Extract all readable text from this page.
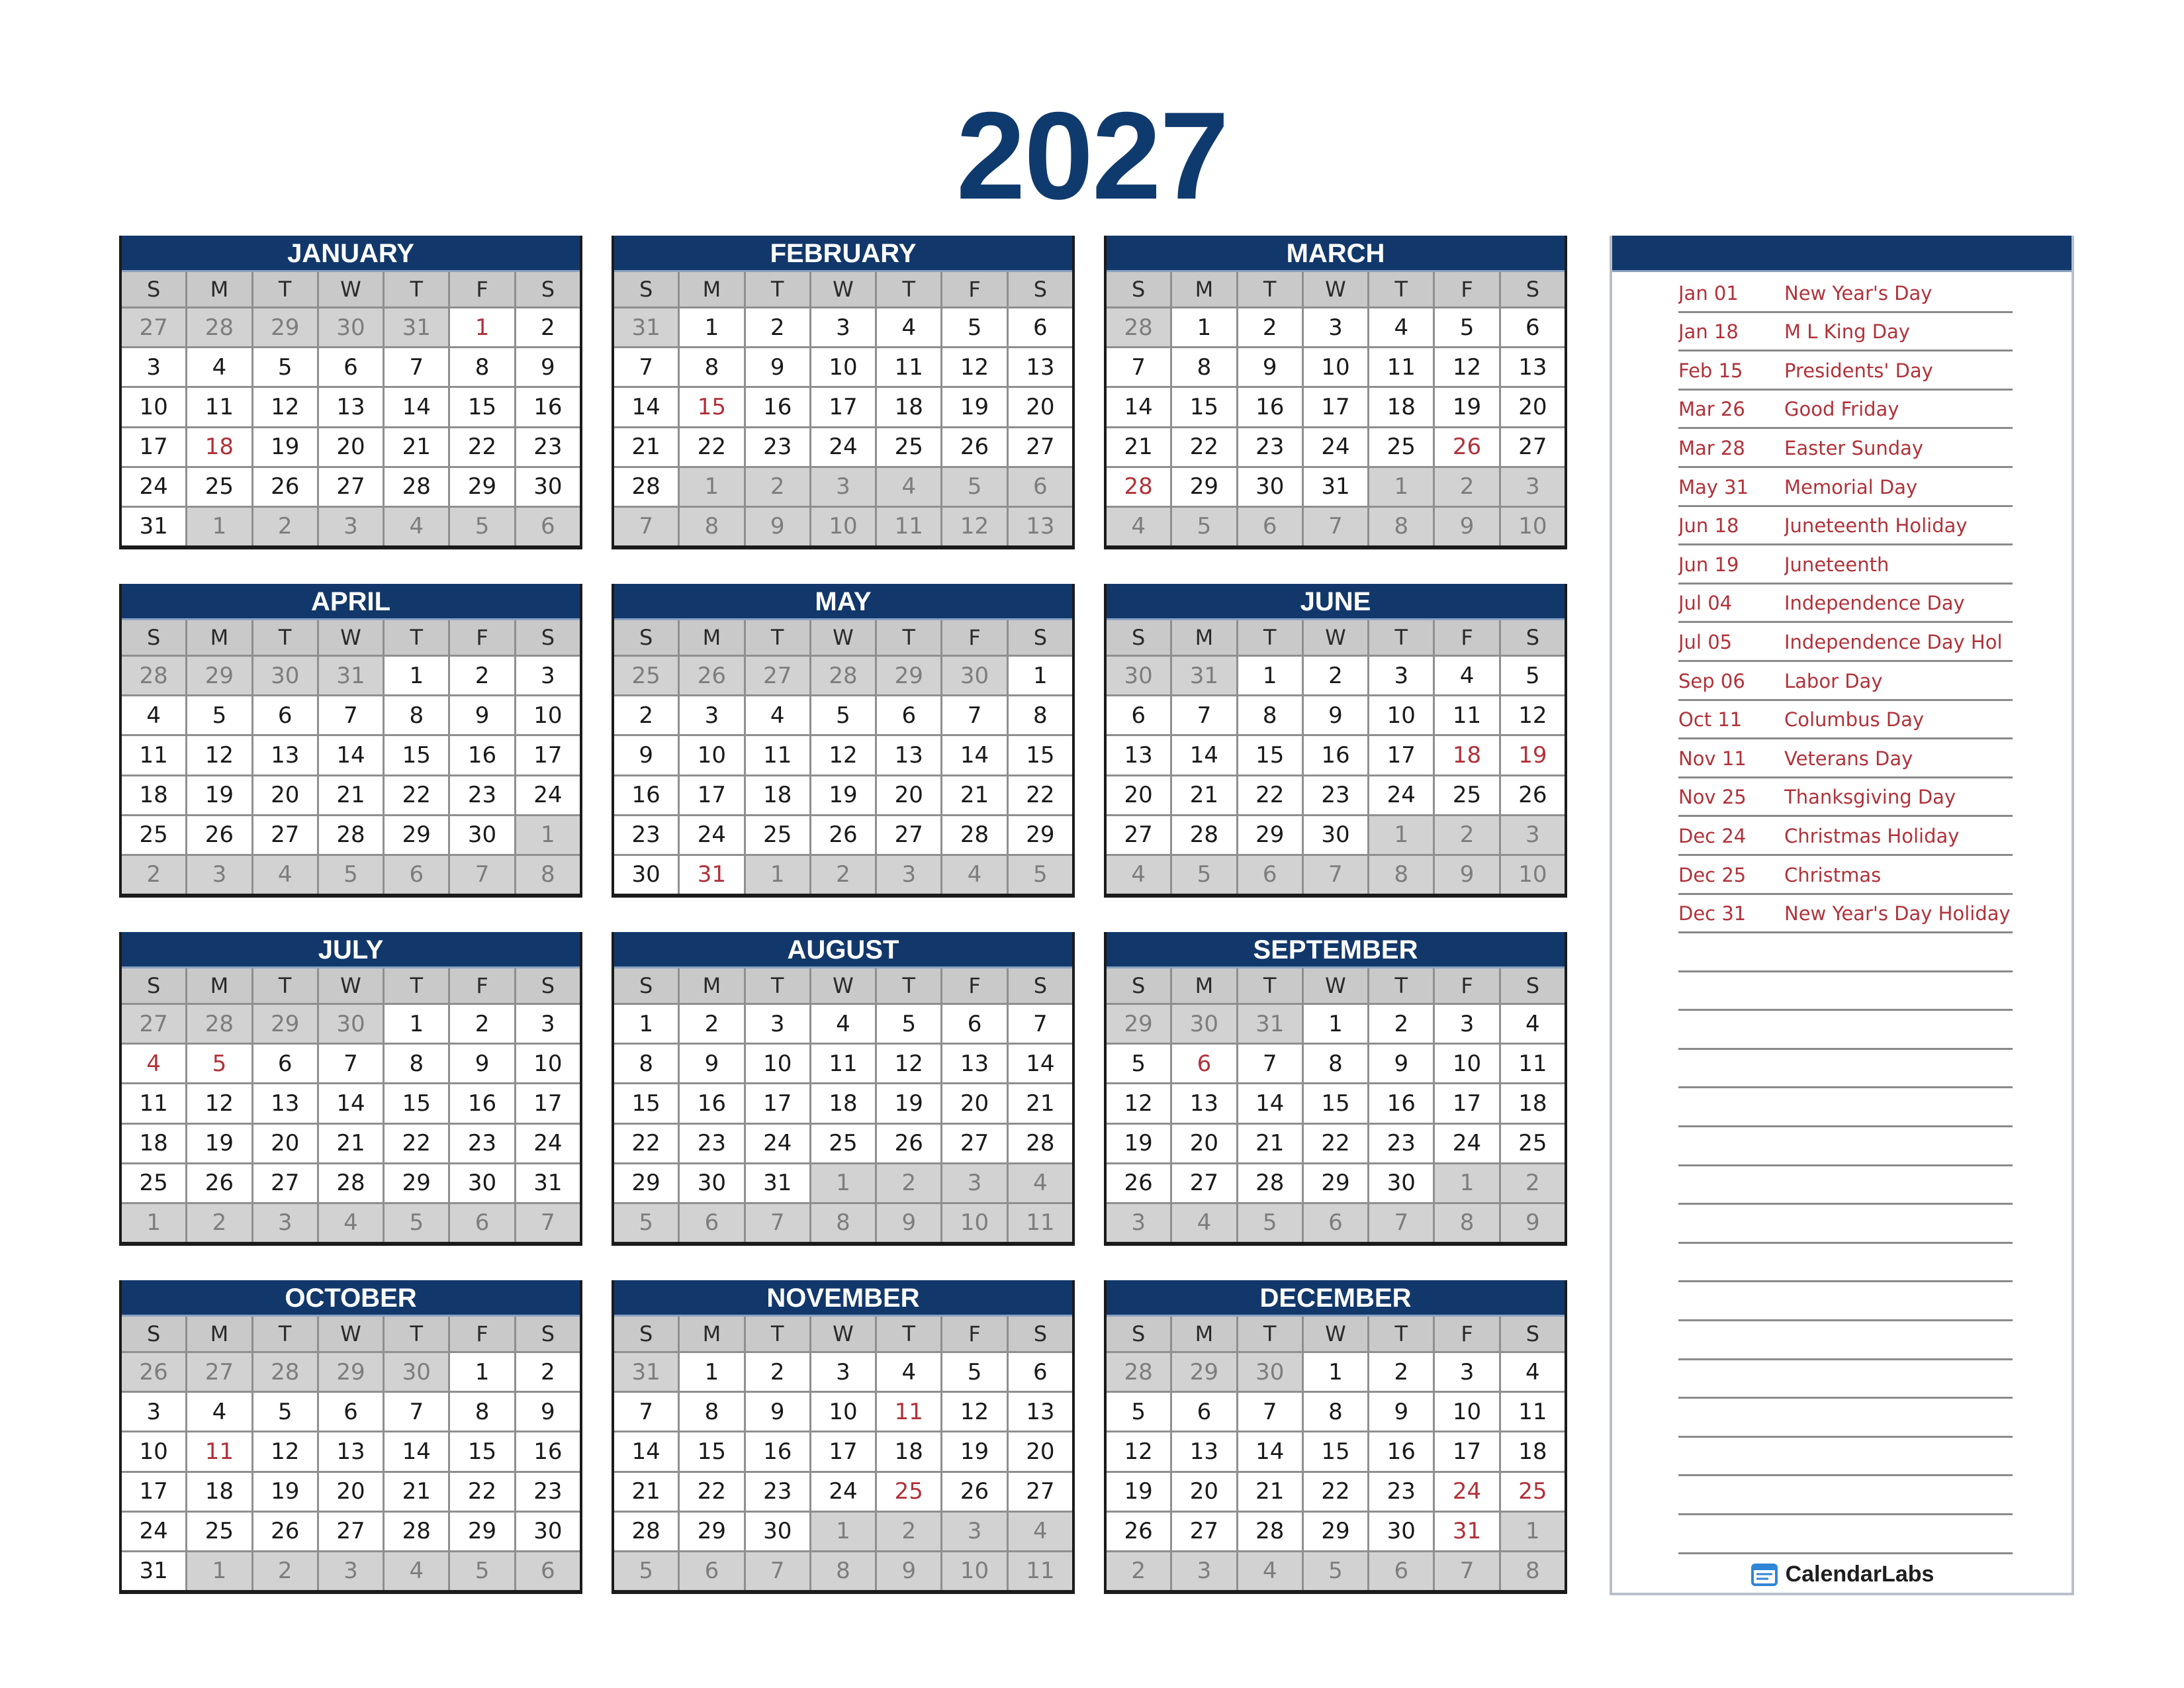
2027
JANUARY
S	M	T	W	T	F	S
27	28	29	30	31	1	2
3	4	5	6	7	8	9
10	11	12	13	14	15	16
17	18	19	20	21	22	23
24	25	26	27	28	29	30
31	1	2	3	4	5	6
FEBRUARY
S	M	T	W	T	F	S
31	1	2	3	4	5	6
7	8	9	10	11	12	13
14	15	16	17	18	19	20
21	22	23	24	25	26	27
28	1	2	3	4	5	6
7	8	9	10	11	12	13
MARCH
S	M	T	W	T	F	S
28	1	2	3	4	5	6
7	8	9	10	11	12	13
14	15	16	17	18	19	20
21	22	23	24	25	26	27
28	29	30	31	1	2	3
4	5	6	7	8	9	10
APRIL
S	M	T	W	T	F	S
28	29	30	31	1	2	3
4	5	6	7	8	9	10
11	12	13	14	15	16	17
18	19	20	21	22	23	24
25	26	27	28	29	30	1
2	3	4	5	6	7	8
MAY
S	M	T	W	T	F	S
25	26	27	28	29	30	1
2	3	4	5	6	7	8
9	10	11	12	13	14	15
16	17	18	19	20	21	22
23	24	25	26	27	28	29
30	31	1	2	3	4	5
JUNE
S	M	T	W	T	F	S
30	31	1	2	3	4	5
6	7	8	9	10	11	12
13	14	15	16	17	18	19
20	21	22	23	24	25	26
27	28	29	30	1	2	3
4	5	6	7	8	9	10
JULY
S	M	T	W	T	F	S
27	28	29	30	1	2	3
4	5	6	7	8	9	10
11	12	13	14	15	16	17
18	19	20	21	22	23	24
25	26	27	28	29	30	31
1	2	3	4	5	6	7
AUGUST
S	M	T	W	T	F	S
1	2	3	4	5	6	7
8	9	10	11	12	13	14
15	16	17	18	19	20	21
22	23	24	25	26	27	28
29	30	31	1	2	3	4
5	6	7	8	9	10	11
SEPTEMBER
S	M	T	W	T	F	S
29	30	31	1	2	3	4
5	6	7	8	9	10	11
12	13	14	15	16	17	18
19	20	21	22	23	24	25
26	27	28	29	30	1	2
3	4	5	6	7	8	9
OCTOBER
S	M	T	W	T	F	S
26	27	28	29	30	1	2
3	4	5	6	7	8	9
10	11	12	13	14	15	16
17	18	19	20	21	22	23
24	25	26	27	28	29	30
31	1	2	3	4	5	6
NOVEMBER
S	M	T	W	T	F	S
31	1	2	3	4	5	6
7	8	9	10	11	12	13
14	15	16	17	18	19	20
21	22	23	24	25	26	27
28	29	30	1	2	3	4
5	6	7	8	9	10	11
DECEMBER
S	M	T	W	T	F	S
28	29	30	1	2	3	4
5	6	7	8	9	10	11
12	13	14	15	16	17	18
19	20	21	22	23	24	25
26	27	28	29	30	31	1
2	3	4	5	6	7	8
Jan 01	New Year's Day
Jan 18	M L King Day
Feb 15	Presidents' Day
Mar 26	Good Friday
Mar 28	Easter Sunday
May 31	Memorial Day
Jun 18	Juneteenth Holiday
Jun 19	Juneteenth
Jul 04	Independence Day
Jul 05	Independence Day Hol
Sep 06	Labor Day
Oct 11	Columbus Day
Nov 11	Veterans Day
Nov 25	Thanksgiving Day
Dec 24	Christmas Holiday
Dec 25	Christmas
Dec 31	New Year's Day Holiday
CalendarLabs
